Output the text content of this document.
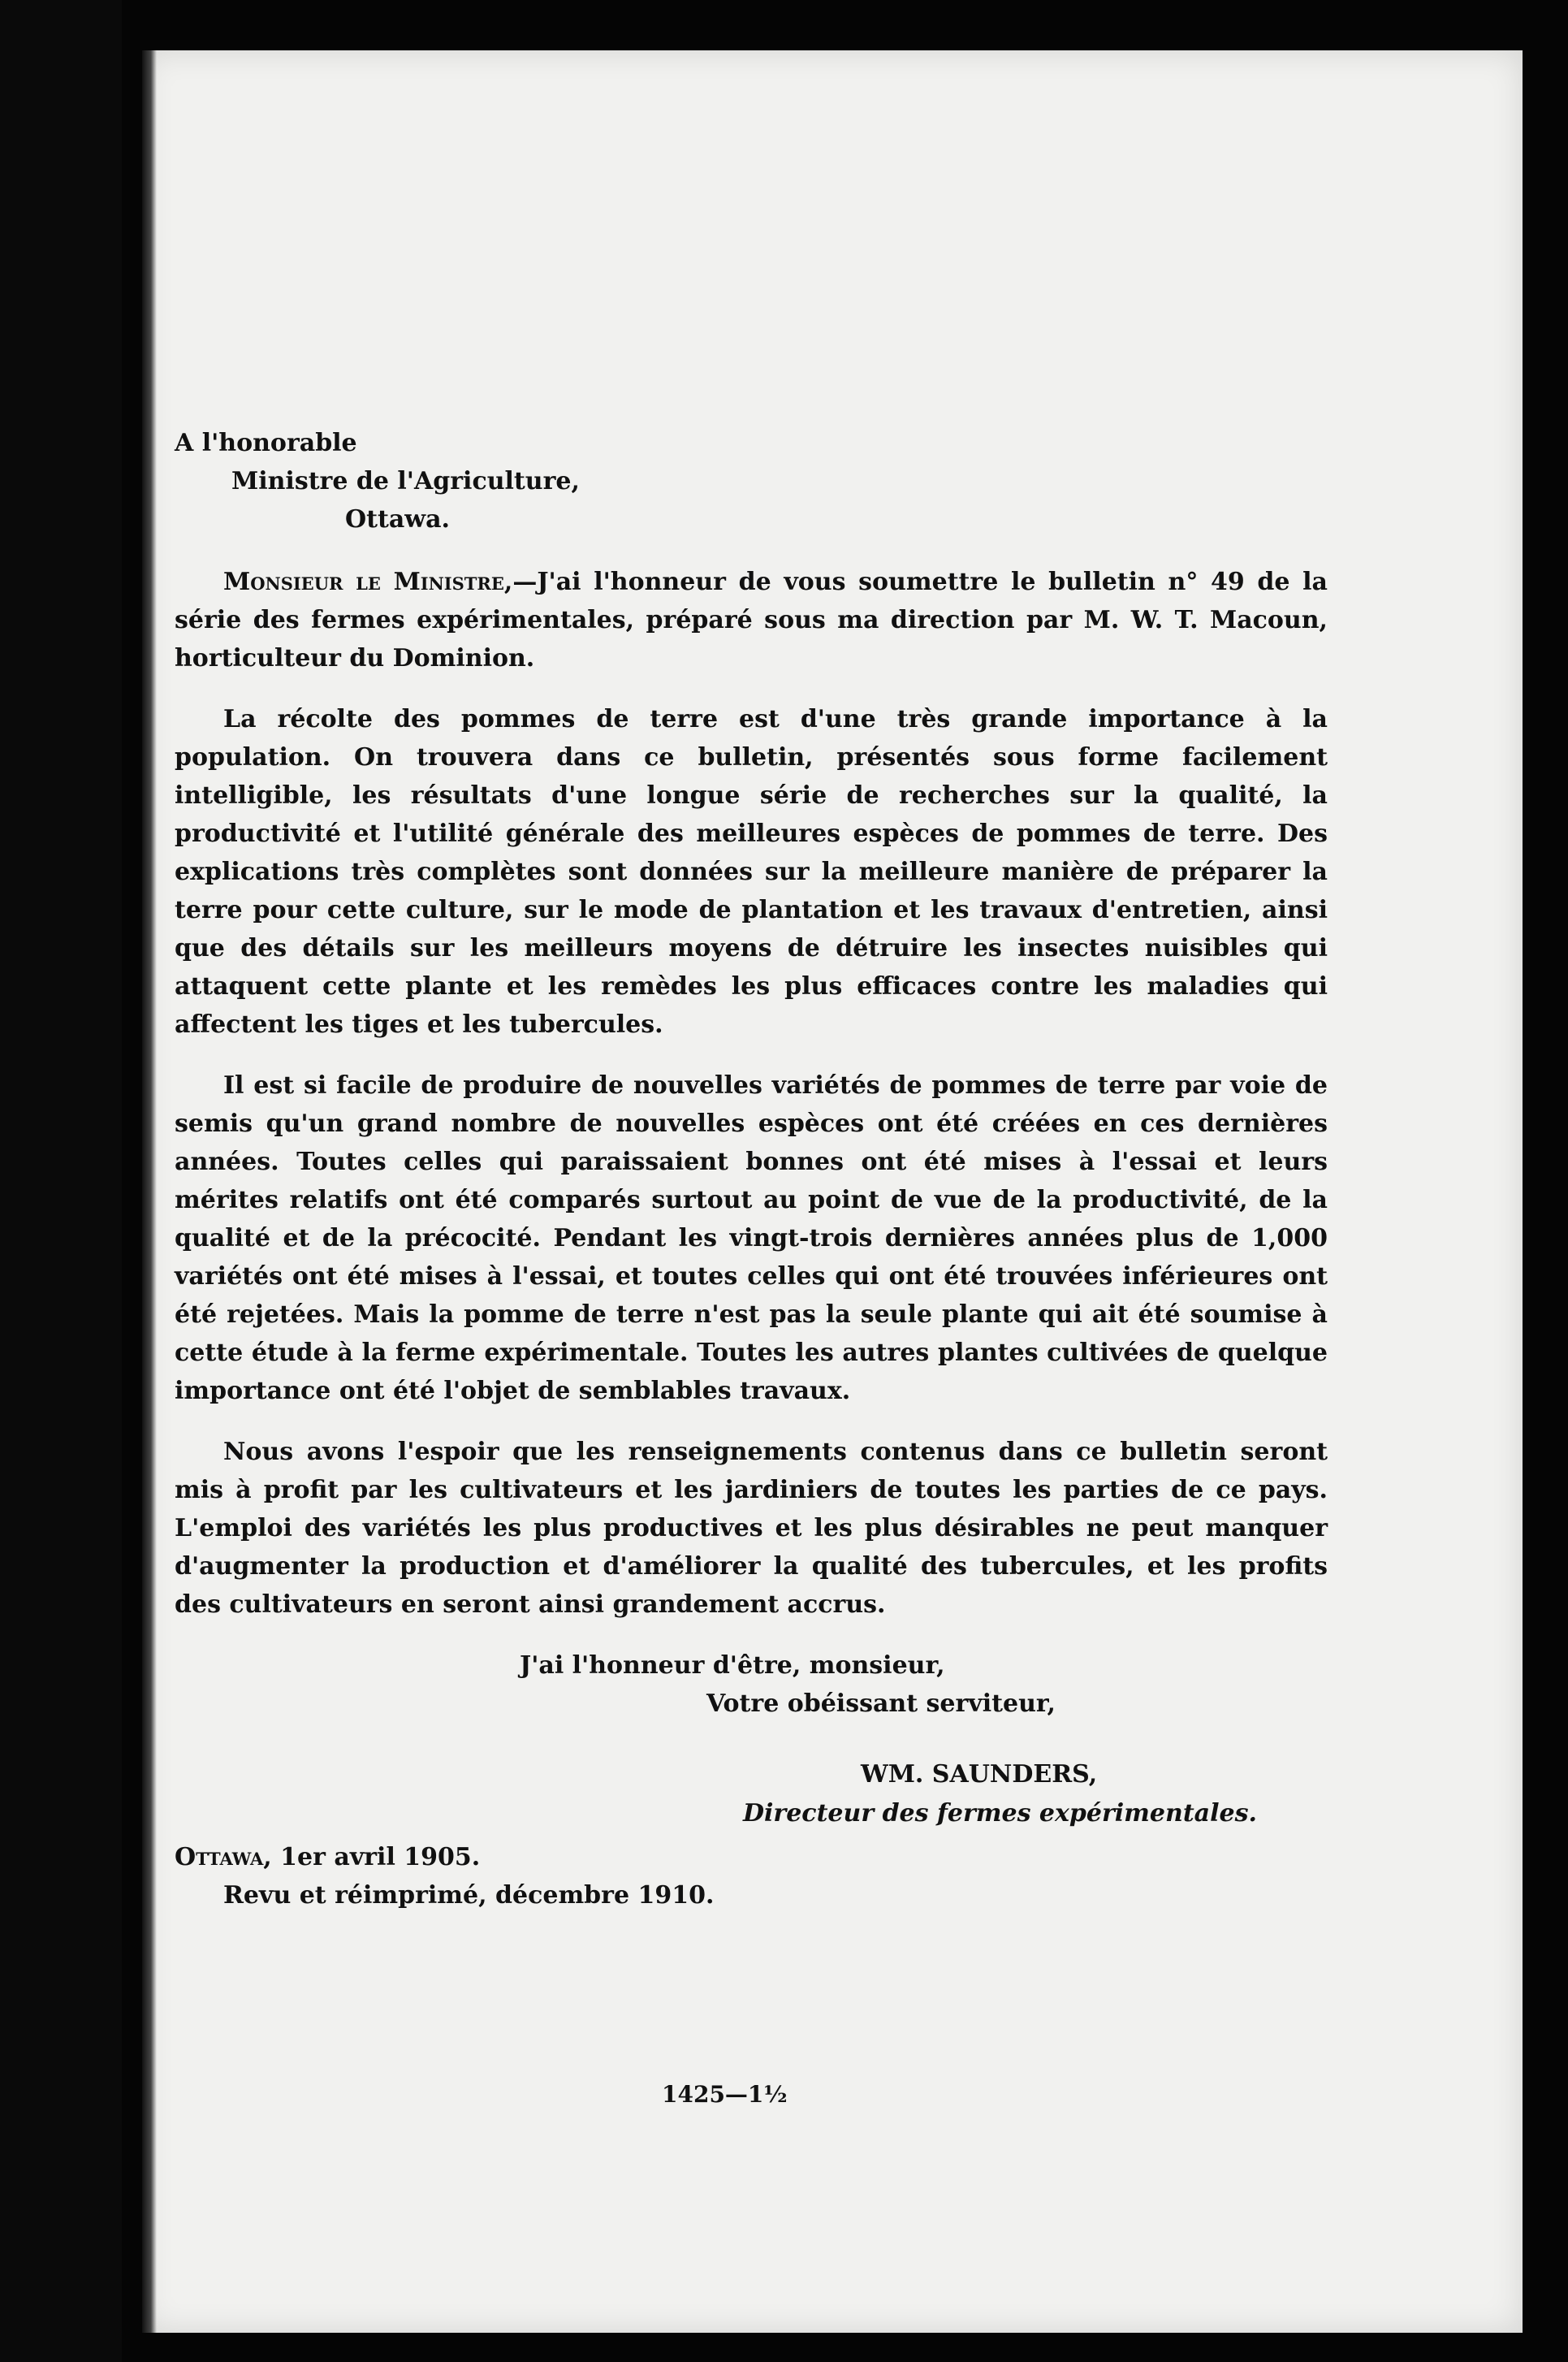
A l'honorable
Ministre de l'Agriculture,
Ottawa.

Monsieur le Ministre,—J'ai l'honneur de vous soumettre le bulletin n° 49 de la série des fermes expérimentales, préparé sous ma direction par M. W. T. Macoun, horticulteur du Dominion.

La récolte des pommes de terre est d'une très grande importance à la population. On trouvera dans ce bulletin, présentés sous forme facilement intelligible, les résultats d'une longue série de recherches sur la qualité, la productivité et l'utilité générale des meilleures espèces de pommes de terre. Des explications très complètes sont données sur la meilleure manière de préparer la terre pour cette culture, sur le mode de plantation et les travaux d'entretien, ainsi que des détails sur les meilleurs moyens de détruire les insectes nuisibles qui attaquent cette plante et les remèdes les plus efficaces contre les maladies qui affectent les tiges et les tubercules.

Il est si facile de produire de nouvelles variétés de pommes de terre par voie de semis qu'un grand nombre de nouvelles espèces ont été créées en ces dernières années. Toutes celles qui paraissaient bonnes ont été mises à l'essai et leurs mérites relatifs ont été comparés surtout au point de vue de la productivité, de la qualité et de la précocité. Pendant les vingt-trois dernières années plus de 1,000 variétés ont été mises à l'essai, et toutes celles qui ont été trouvées inférieures ont été rejetées. Mais la pomme de terre n'est pas la seule plante qui ait été soumise à cette étude à la ferme expérimentale. Toutes les autres plantes cultivées de quelque importance ont été l'objet de semblables travaux.

Nous avons l'espoir que les renseignements contenus dans ce bulletin seront mis à profit par les cultivateurs et les jardiniers de toutes les parties de ce pays. L'emploi des variétés les plus productives et les plus désirables ne peut manquer d'augmenter la production et d'améliorer la qualité des tubercules, et les profits des cultivateurs en seront ainsi grandement accrus.

J'ai l'honneur d'être, monsieur,
Votre obéissant serviteur,
WM. SAUNDERS,
Directeur des fermes expérimentales.
Ottawa, 1er avril 1905.
Revu et réimprimé, décembre 1910.
1425—1½
